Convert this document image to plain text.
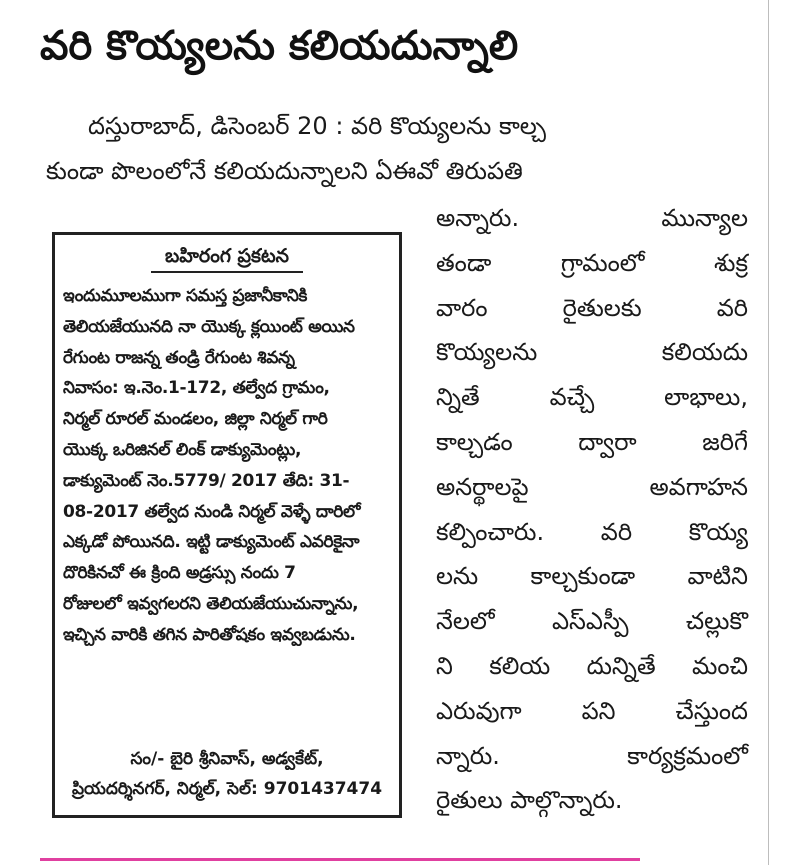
వరి కొయ్యలను కలియదున్నాలి
దస్తురాబాద్, డిసెంబర్ 20 : వరి కొయ్యలను కాల్చ
కుండా పొలంలోనే కలియదున్నాలని ఏఈవో తిరుపతి
అన్నారు. మున్యాల
తండా గ్రామంలో శుక్ర
వారం రైతులకు వరి
కొయ్యలను కలియదు
న్నితే వచ్చే లాభాలు,
కాల్చడం ద్వారా జరిగే
అనర్థాలపై అవగాహన
కల్పించారు. వరి కొయ్య
లను కాల్చకుండా వాటిని
నేలలో ఎస్ఎస్పీ చల్లుకొ
ని కలియ దున్నితే మంచి
ఎరువుగా పని చేస్తుంద
న్నారు. కార్యక్రమంలో
రైతులు పాల్గొన్నారు.
బహిరంగ ప్రకటన
ఇందుమూలముగా సమస్త ప్రజానీకానికి
తెలియజేయునది నా యొక్క క్లయింట్ అయిన
రేగుంట రాజన్న తండ్రి రేగుంట శివన్న
నివాసం: ఇ.నెం.1-172, తల్వేద గ్రామం,
నిర్మల్ రూరల్ మండలం, జిల్లా నిర్మల్ గారి
యొక్క ఒరిజినల్ లింక్ డాక్యుమెంట్లు,
డాక్యుమెంట్ నెం.5779/ 2017 తేది: 31-
08-2017 తల్వేద నుండి నిర్మల్ వెళ్ళే దారిలో
ఎక్కడో పోయినది. ఇట్టి డాక్యుమెంట్ ఎవరికైనా
దొరికినచో ఈ క్రింది అడ్రస్సు నందు 7
రోజులలో ఇవ్వగలరని తెలియజేయుచున్నాను,
ఇచ్చిన వారికి తగిన పారితోషకం ఇవ్వబడును.
సం/- బైరి శ్రీనివాస్, అడ్వకేట్,
ప్రియదర్శినగర్, నిర్మల్, సెల్: 9701437474
